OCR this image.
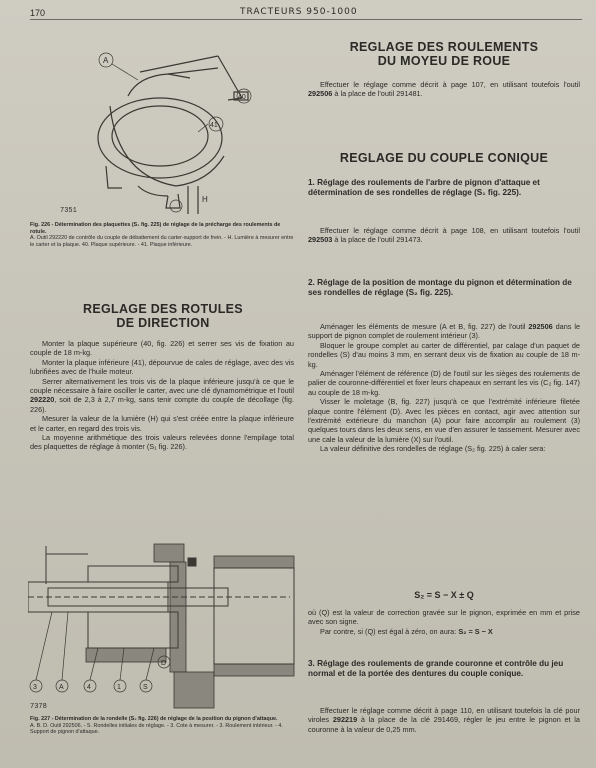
170	TRACTEURS 950-1000
A
40
41
H
7351
Fig. 226 - Détermination des plaquettes (S₁ fig. 225) de réglage de la précharge des roulements de rotule.
A. Outil 292220 de contrôle du couple de débattement du carter-support de frein. - H. Lumière à mesurer entre le carter et la plaque. 40. Plaque supérieure. - 41. Plaque inférieure.
REGLAGE DES ROTULES
DE DIRECTION
Monter la plaque supérieure (40, fig. 226) et serrer ses vis de fixation au couple de 18 m-kg.
Monter la plaque inférieure (41), dépourvue de cales de réglage, avec des vis lubrifiées avec de l'huile moteur.
Serrer alternativement les trois vis de la plaque inférieure jusqu'à ce que le couple nécessaire à faire osciller le carter, avec une clé dynamométrique et l'outil 292220, soit de 2,3 à 2,7 m-kg, sans tenir compte du couple de décollage (fig. 226).
Mesurer la valeur de la lumière (H) qui s'est créée entre la plaque inférieure et le carter, en regard des trois vis.
La moyenne arithmétique des trois valeurs relevées donne l'empilage total des plaquettes de réglage à monter (S₁ fig. 226).
3	A	4	1	S
D
7378
Fig. 227 - Détermination de la rondelle (S₂ fig. 226) de réglage de la position du pignon d'attaque.
A. B. D. Outil 292506. - S. Rondelles initiales de réglage. - 3. Cote à mesurer. - 3. Roulement intérieur. - 4. Support de pignon d'attaque.
REGLAGE DES ROULEMENTS
DU MOYEU DE ROUE
Effectuer le réglage comme décrit à page 107, en utilisant toutefois l'outil 292506 à la place de l'outil 291481.
REGLAGE DU COUPLE CONIQUE
1. Réglage des roulements de l'arbre de pignon d'attaque et détermination de ses rondelles de réglage (S₁ fig. 225).
Effectuer le réglage comme décrit à page 108, en utilisant toutefois l'outil 292503 à la place de l'outil 291473.
2. Réglage de la position de montage du pignon et détermination de ses rondelles de réglage (S₂ fig. 225).
Aménager les éléments de mesure (A et B, fig. 227) de l'outil 292506 dans le support de pignon complet de roulement intérieur (3).
Bloquer le groupe complet au carter de différentiel, par calage d'un paquet de rondelles (S) d'au moins 3 mm, en serrant deux vis de fixation au couple de 18 m-kg.
Aménager l'élément de référence (D) de l'outil sur les sièges des roulements de palier de couronne-différentiel et fixer leurs chapeaux en serrant les vis (C₂ fig. 147) au couple de 18 m-kg.
Visser le moletage (B, fig. 227) jusqu'à ce que l'extrémité inférieure filetée plaque contre l'élément (D). Avec les pièces en contact, agir avec attention sur l'extrémité extérieure du manchon (A) pour faire accomplir au roulement (3) quelques tours dans les deux sens, en vue d'en assurer le tassement. Mesurer avec une cale la valeur de la lumière (X) sur l'outil.
La valeur définitive des rondelles de réglage (S₂ fig. 225) à caler sera:
S₂ = S − X ± Q
où (Q) est la valeur de correction gravée sur le pignon, exprimée en mm et prise avec son signe.
Par contre, si (Q) est égal à zéro, on aura: S₂ = S − X
3. Réglage des roulements de grande couronne et contrôle du jeu normal et de la portée des dentures du couple conique.
Effectuer le réglage comme décrit à page 110, en utilisant toutefois la clé pour viroles 292219 à la place de la clé 291469, régler le jeu entre le pignon et la couronne à la valeur de 0,25 mm.
